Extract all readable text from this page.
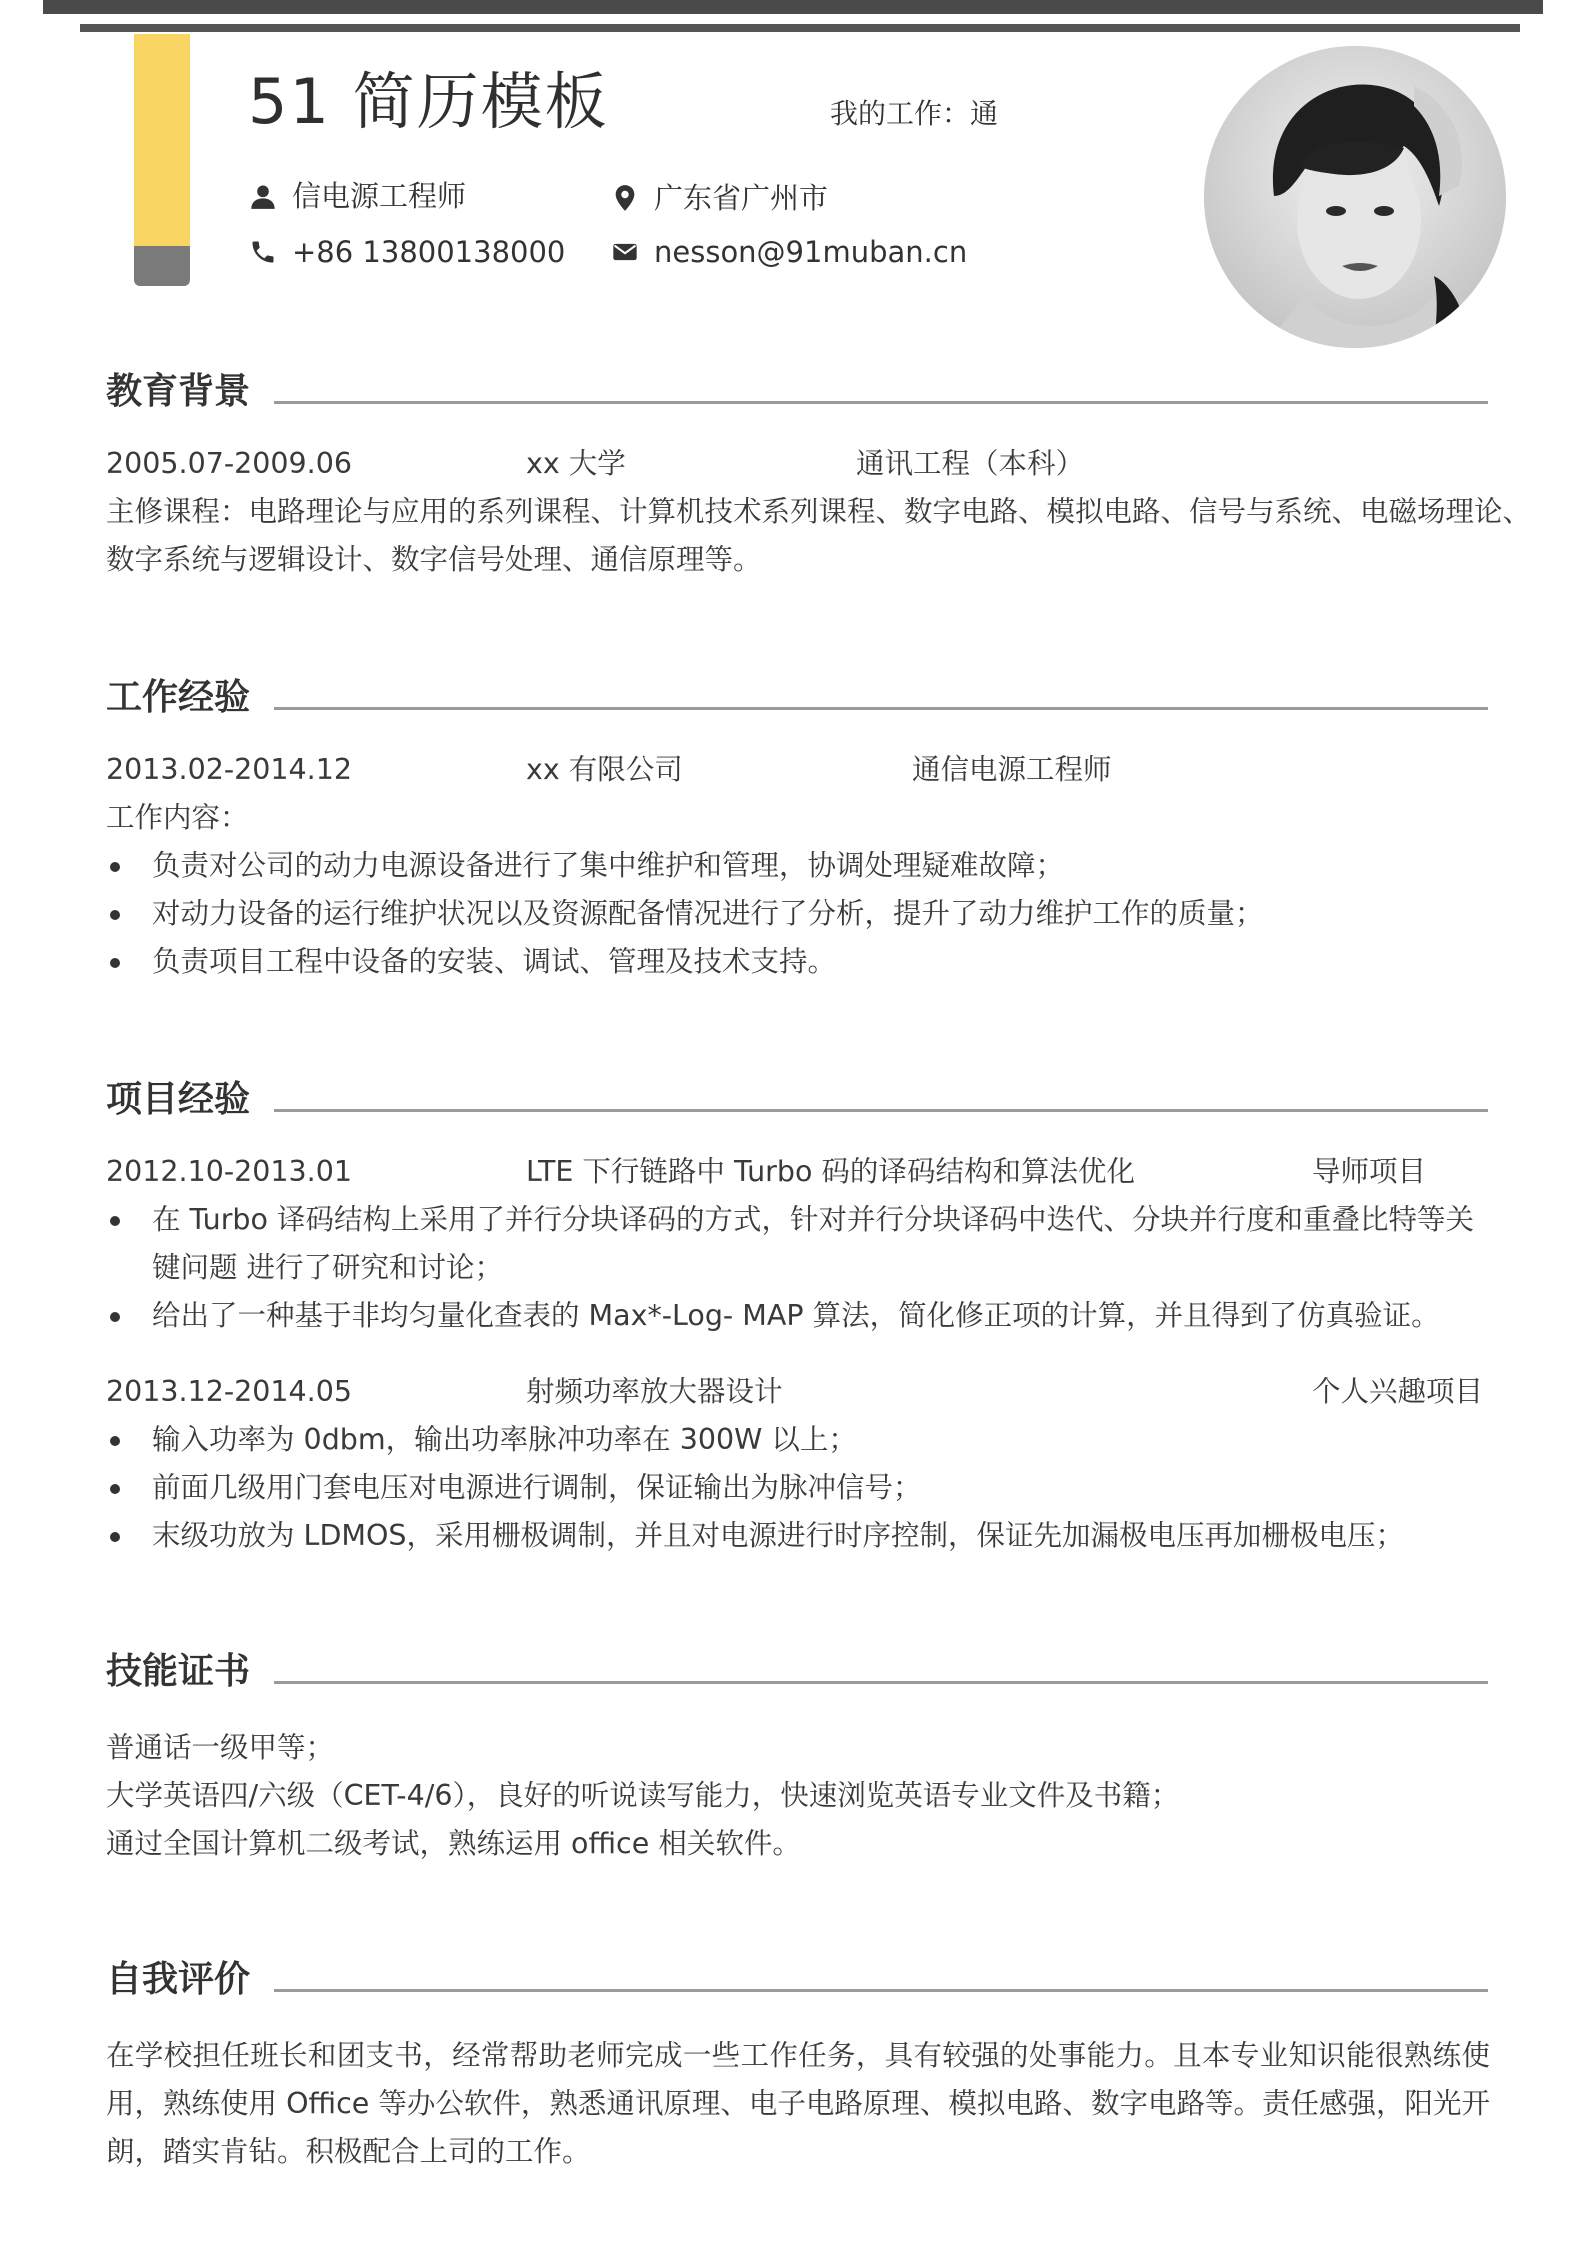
51 简历模板	我的工作：通
信电源工程师	广东省广州市
+86 13800138000	nesson@91muban.cn
教育背景
2005.07-2009.06	xx 大学	通讯工程（本科）
主修课程：电路理论与应用的系列课程、计算机技术系列课程、数字电路、模拟电路、信号与系统、电磁场理论、
数字系统与逻辑设计、数字信号处理、通信原理等。
工作经验
2013.02-2014.12	xx 有限公司	通信电源工程师
工作内容：
负责对公司的动力电源设备进行了集中维护和管理，协调处理疑难故障；
对动力设备的运行维护状况以及资源配备情况进行了分析，提升了动力维护工作的质量；
负责项目工程中设备的安装、调试、管理及技术支持。
项目经验
2012.10-2013.01	LTE 下行链路中 Turbo 码的译码结构和算法优化	导师项目
在 Turbo 译码结构上采用了并行分块译码的方式，针对并行分块译码中迭代、分块并行度和重叠比特等关键问题 进行了研究和讨论；
给出了一种基于非均匀量化查表的 Max*-Log- MAP 算法，简化修正项的计算，并且得到了仿真验证。
2013.12-2014.05	射频功率放大器设计	个人兴趣项目
输入功率为 0dbm，输出功率脉冲功率在 300W 以上；
前面几级用门套电压对电源进行调制，保证输出为脉冲信号；
末级功放为 LDMOS，采用栅极调制，并且对电源进行时序控制，保证先加漏极电压再加栅极电压；
技能证书
普通话一级甲等；
大学英语四/六级（CET-4/6），良好的听说读写能力，快速浏览英语专业文件及书籍；
通过全国计算机二级考试，熟练运用 office 相关软件。
自我评价
在学校担任班长和团支书，经常帮助老师完成一些工作任务，具有较强的处事能力。且本专业知识能很熟练使用，熟练使用 Office 等办公软件，熟悉通讯原理、电子电路原理、模拟电路、数字电路等。责任感强，阳光开朗，踏实肯钻。积极配合上司的工作。
